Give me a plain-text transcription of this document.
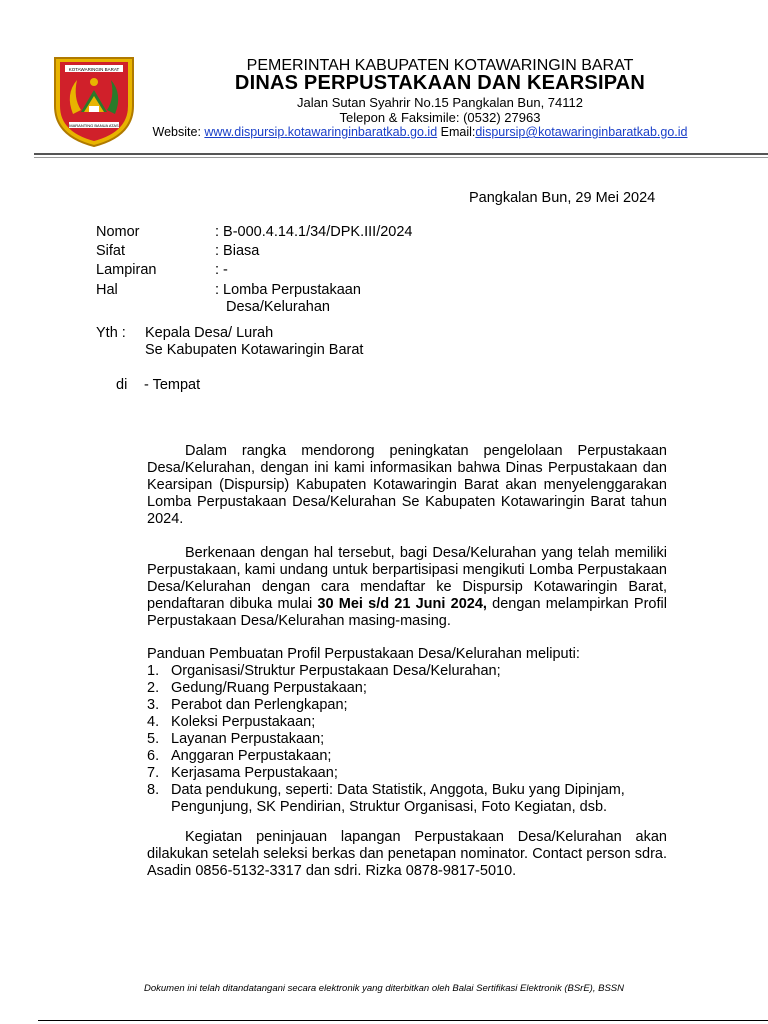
KOTAWARINGIN BARAT
MARANTING BANUA ATAS
PEMERINTAH KABUPATEN KOTAWARINGIN BARAT
DINAS PERPUSTAKAAN DAN KEARSIPAN
Jalan Sutan Syahrir No.15 Pangkalan Bun, 74112
Telepon & Faksimile: (0532) 27963
Website: www.dispursip.kotawaringinbaratkab.go.id Email:dispursip@kotawaringinbaratkab.go.id
Pangkalan Bun, 29 Mei 2024
Nomor	: B-000.4.14.1/34/DPK.III/2024
Sifat	: Biasa
Lampiran	: -
Hal	: Lomba Perpustakaan
Desa/Kelurahan
Yth : Kepala Desa/ Lurah
Se Kabupaten Kotawaringin Barat
di - Tempat
Dalam rangka mendorong peningkatan pengelolaan Perpustakaan Desa/Kelurahan, dengan ini kami informasikan bahwa Dinas Perpustakaan dan Kearsipan (Dispursip) Kabupaten Kotawaringin Barat akan menyelenggarakan Lomba Perpustakaan Desa/Kelurahan Se Kabupaten Kotawaringin Barat tahun 2024.
Berkenaan dengan hal tersebut, bagi Desa/Kelurahan yang telah memiliki Perpustakaan, kami undang untuk berpartisipasi mengikuti Lomba Perpustakaan Desa/Kelurahan dengan cara mendaftar ke Dispursip Kotawaringin Barat, pendaftaran dibuka mulai 30 Mei s/d 21 Juni 2024, dengan melampirkan Profil Perpustakaan Desa/Kelurahan masing-masing.
Panduan Pembuatan Profil Perpustakaan Desa/Kelurahan meliputi:
1. Organisasi/Struktur Perpustakaan Desa/Kelurahan;
2. Gedung/Ruang Perpustakaan;
3. Perabot dan Perlengkapan;
4. Koleksi Perpustakaan;
5. Layanan Perpustakaan;
6. Anggaran Perpustakaan;
7. Kerjasama Perpustakaan;
8. Data pendukung, seperti: Data Statistik, Anggota, Buku yang Dipinjam, Pengunjung, SK Pendirian, Struktur Organisasi, Foto Kegiatan, dsb.
Kegiatan peninjauan lapangan Perpustakaan Desa/Kelurahan akan dilakukan setelah seleksi berkas dan penetapan nominator. Contact person sdra. Asadin 0856-5132-3317 dan sdri. Rizka 0878-9817-5010.
Dokumen ini telah ditandatangani secara elektronik yang diterbitkan oleh Balai Sertifikasi Elektronik (BSrE), BSSN
